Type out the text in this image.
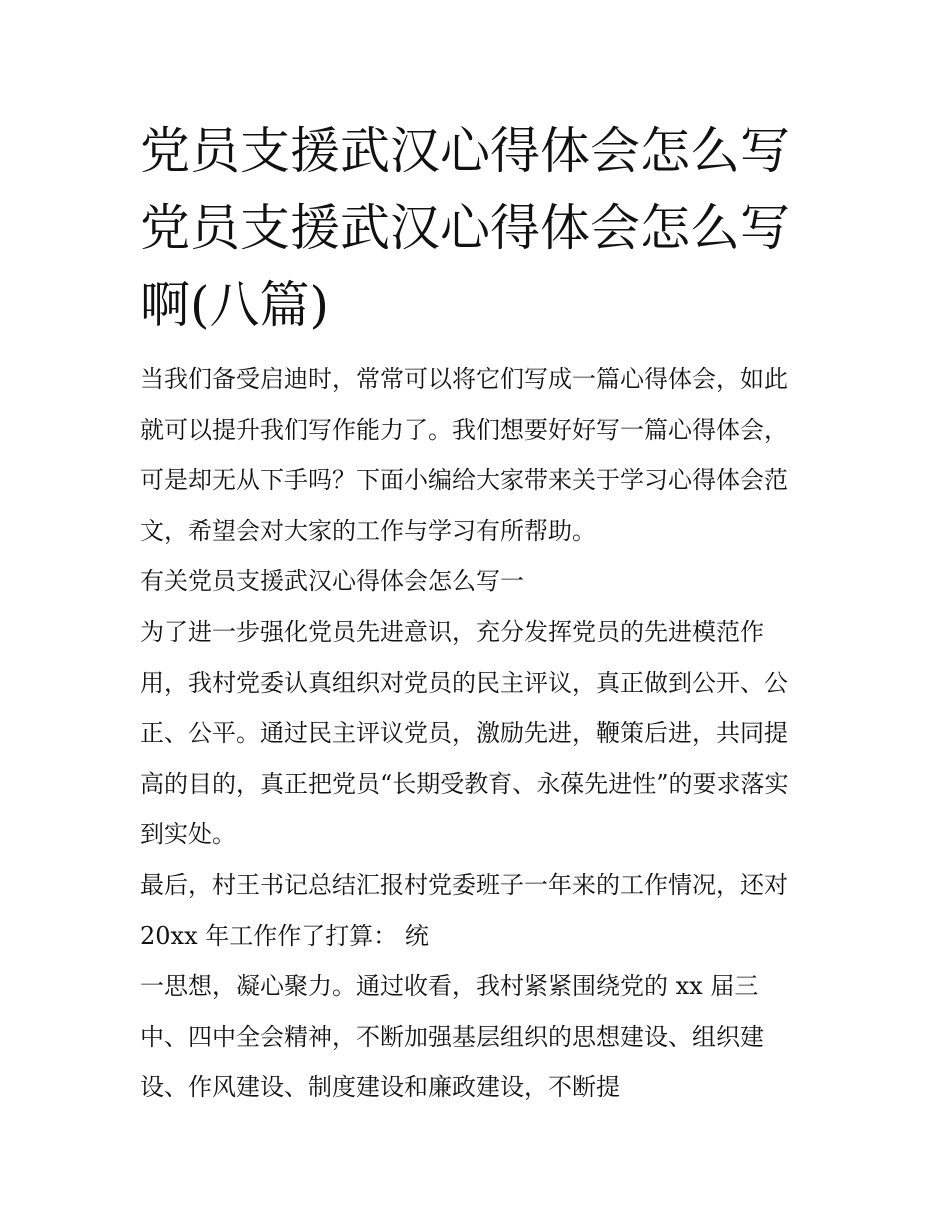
党员支援武汉心得体会怎么写
党员支援武汉心得体会怎么写
啊(八篇)
当我们备受启迪时，常常可以将它们写成一篇心得体会，如此
就可以提升我们写作能力了。我们想要好好写一篇心得体会，
可是却无从下手吗？下面小编给大家带来关于学习心得体会范
文，希望会对大家的工作与学习有所帮助。
有关党员支援武汉心得体会怎么写一
为了进一步强化党员先进意识，充分发挥党员的先进模范作
用，我村党委认真组织对党员的民主评议，真正做到公开、公
正、公平。通过民主评议党员，激励先进，鞭策后进，共同提
高的目的，真正把党员“长期受教育、永葆先进性”的要求落实
到实处。
最后，村王书记总结汇报村党委班子一年来的工作情况，还对
20xx 年工作作了打算： 统
一思想，凝心聚力。通过收看，我村紧紧围绕党的 xx 届三
中、四中全会精神，不断加强基层组织的思想建设、组织建
设、作风建设、制度建设和廉政建设，不断提
